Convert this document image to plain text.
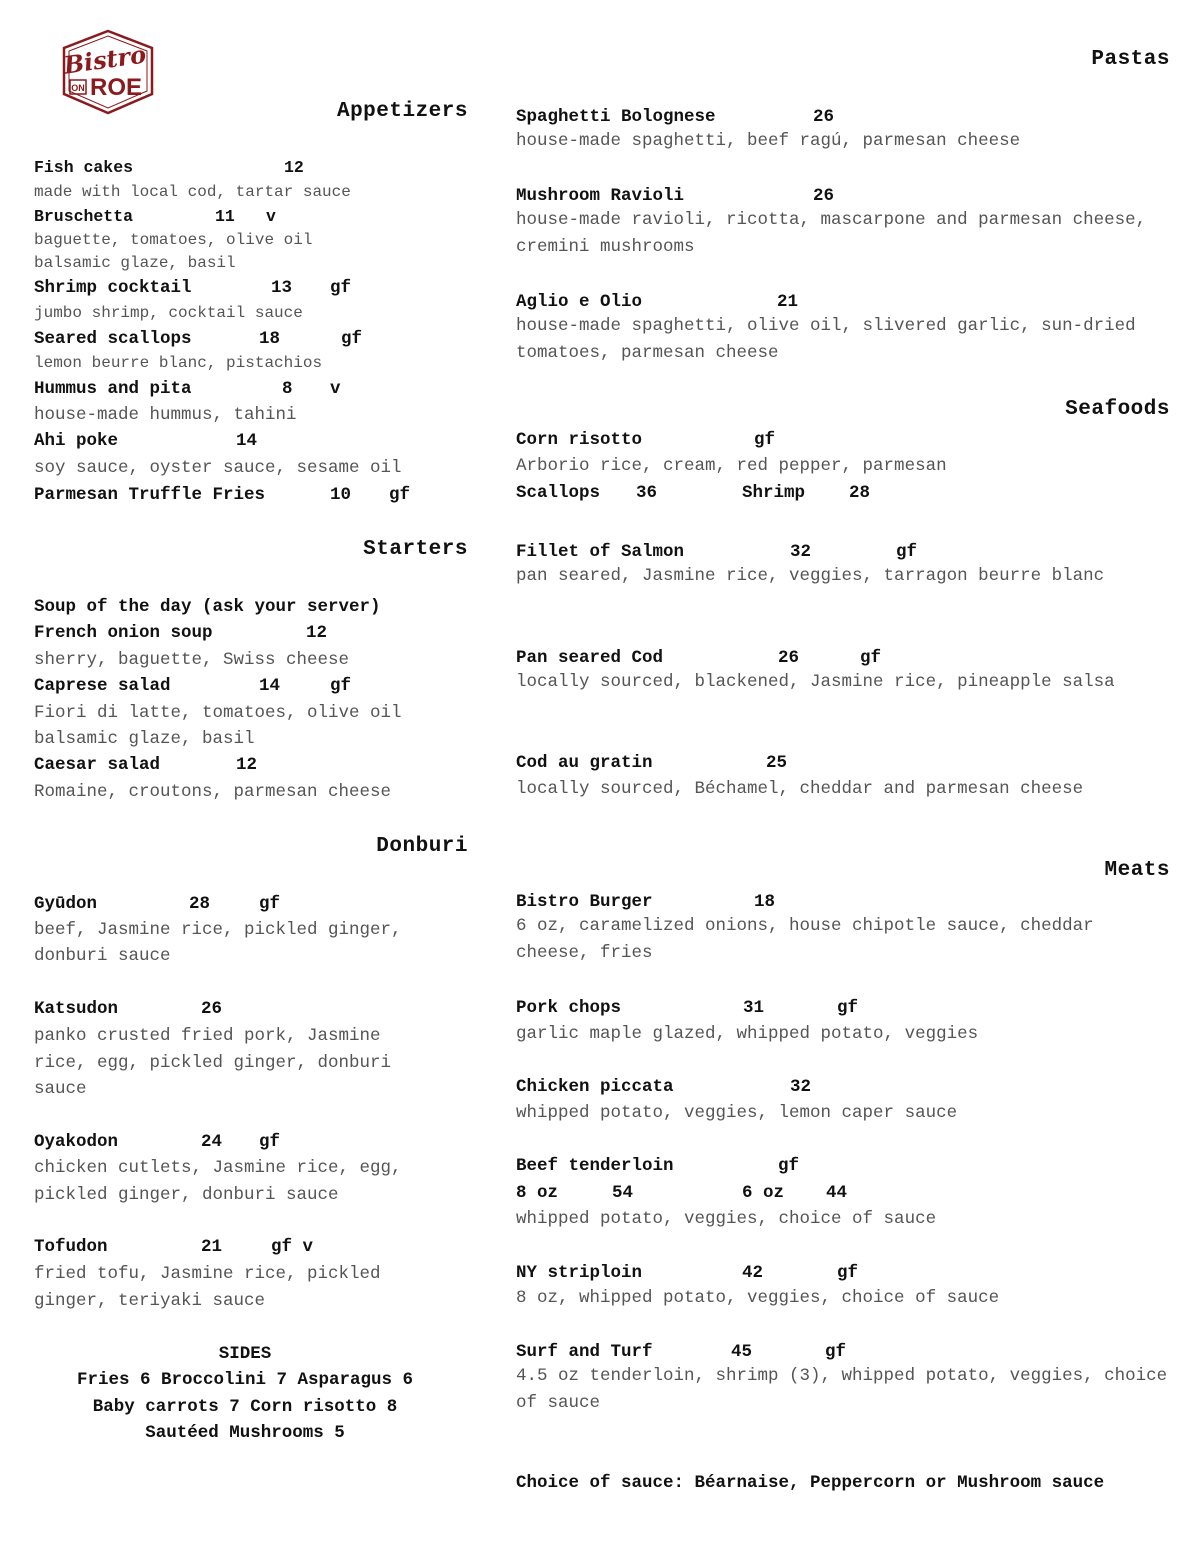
Bistro
ON ROE
Appetizers
Fish cakes	12
made with local cod, tartar sauce
Bruschetta	11 v
baguette, tomatoes, olive oil
balsamic glaze, basil
Shrimp cocktail	13 gf
jumbo shrimp, cocktail sauce
Seared scallops	18	gf
lemon beurre blanc, pistachios
Hummus and pita	8 v
house-made hummus, tahini
Ahi poke	14
soy sauce, oyster sauce, sesame oil
Parmesan Truffle Fries	10 gf
Starters
Soup of the day (ask your server)
French onion soup	12
sherry, baguette, Swiss cheese
Caprese salad	14	gf
Fiori di latte, tomatoes, olive oil
balsamic glaze, basil
Caesar salad	12
Romaine, croutons, parmesan cheese
Donburi
Gyūdon	28	gf
beef, Jasmine rice, pickled ginger,
donburi sauce
Katsudon	26
panko crusted fried pork, Jasmine
rice, egg, pickled ginger, donburi
sauce
Oyakodon	24 gf
chicken cutlets, Jasmine rice, egg,
pickled ginger, donburi sauce
Tofudon	21	gf v
fried tofu, Jasmine rice, pickled
ginger, teriyaki sauce
SIDES
Fries 6 Broccolini 7 Asparagus 6
Baby carrots 7 Corn risotto 8
Sautéed Mushrooms 5
Pastas
Spaghetti Bolognese	26
house-made spaghetti, beef ragú, parmesan cheese
Mushroom Ravioli	26
house-made ravioli, ricotta, mascarpone and parmesan cheese, cremini mushrooms
Aglio e Olio	21
house-made spaghetti, olive oil, slivered garlic, sun-dried tomatoes, parmesan cheese
Seafoods
Corn risotto	gf
Arborio rice, cream, red pepper, parmesan
Scallops 36	Shrimp	28
Fillet of Salmon	32	gf
pan seared, Jasmine rice, veggies, tarragon beurre blanc
Pan seared Cod	26	gf
locally sourced, blackened, Jasmine rice, pineapple salsa
Cod au gratin	25
locally sourced, Béchamel, cheddar and parmesan cheese
Meats
Bistro Burger	18
6 oz, caramelized onions, house chipotle sauce, cheddar cheese, fries
Pork chops	31	gf
garlic maple glazed, whipped potato, veggies
Chicken piccata	32
whipped potato, veggies, lemon caper sauce
Beef tenderloin	gf
8 oz	54	6 oz 44
whipped potato, veggies, choice of sauce
NY striploin	42	gf
8 oz, whipped potato, veggies, choice of sauce
Surf and Turf	45	gf
4.5 oz tenderloin, shrimp (3), whipped potato, veggies, choice of sauce
Choice of sauce: Béarnaise, Peppercorn or Mushroom sauce
